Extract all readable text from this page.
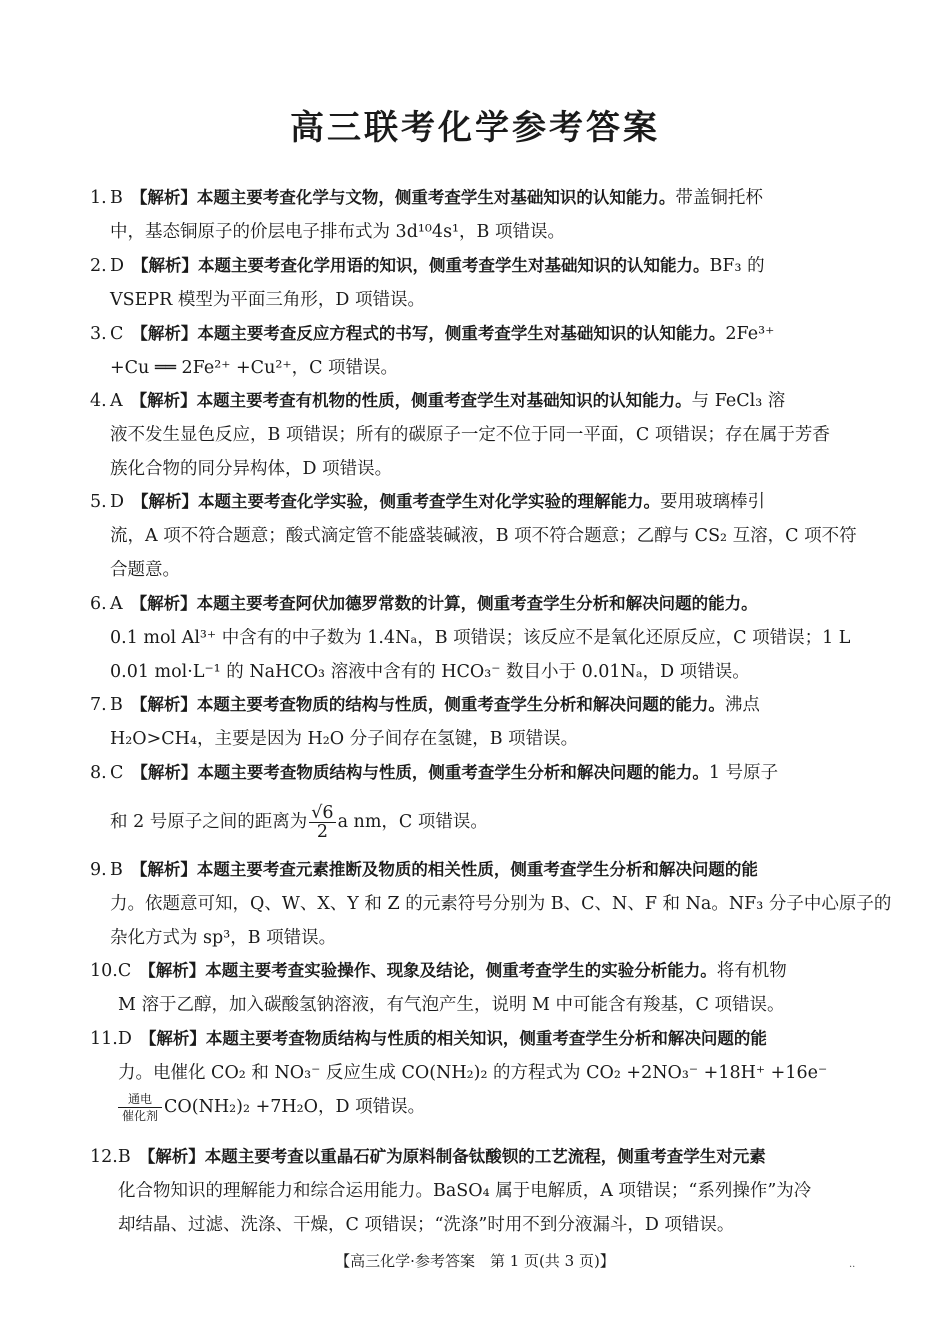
高三联考化学参考答案
1. B 【解析】本题主要考查化学与文物，侧重考查学生对基础知识的认知能力。带盖铜托杯
中，基态铜原子的价层电子排布式为 3d¹⁰4s¹，B 项错误。
2. D 【解析】本题主要考查化学用语的知识，侧重考查学生对基础知识的认知能力。BF₃ 的
VSEPR 模型为平面三角形，D 项错误。
3. C 【解析】本题主要考查反应方程式的书写，侧重考查学生对基础知识的认知能力。2Fe³⁺
+Cu ══ 2Fe²⁺ +Cu²⁺，C 项错误。
4. A 【解析】本题主要考查有机物的性质，侧重考查学生对基础知识的认知能力。与 FeCl₃ 溶
液不发生显色反应，B 项错误；所有的碳原子一定不位于同一平面，C 项错误；存在属于芳香
族化合物的同分异构体，D 项错误。
5. D 【解析】本题主要考查化学实验，侧重考查学生对化学实验的理解能力。要用玻璃棒引
流，A 项不符合题意；酸式滴定管不能盛装碱液，B 项不符合题意；乙醇与 CS₂ 互溶，C 项不符
合题意。
6. A 【解析】本题主要考查阿伏加德罗常数的计算，侧重考查学生分析和解决问题的能力。
0.1 mol Al³⁺ 中含有的中子数为 1.4Nₐ，B 项错误；该反应不是氧化还原反应，C 项错误；1 L
0.01 mol·L⁻¹ 的 NaHCO₃ 溶液中含有的 HCO₃⁻ 数目小于 0.01Nₐ，D 项错误。
7. B 【解析】本题主要考查物质的结构与性质，侧重考查学生分析和解决问题的能力。沸点
H₂O>CH₄，主要是因为 H₂O 分子间存在氢键，B 项错误。
8. C 【解析】本题主要考查物质结构与性质，侧重考查学生分析和解决问题的能力。1 号原子
和 2 号原子之间的距离为 $\frac{√6}{2}$ a nm，C 项错误。
9. B 【解析】本题主要考查元素推断及物质的相关性质，侧重考查学生分析和解决问题的能
力。依题意可知，Q、W、X、Y 和 Z 的元素符号分别为 B、C、N、F 和 Na。NF₃ 分子中心原子的
杂化方式为 sp³，B 项错误。
10.C 【解析】本题主要考查实验操作、现象及结论，侧重考查学生的实验分析能力。将有机物
M 溶于乙醇，加入碳酸氢钠溶液，有气泡产生，说明 M 中可能含有羧基，C 项错误。
11.D 【解析】本题主要考查物质结构与性质的相关知识，侧重考查学生分析和解决问题的能
力。电催化 CO₂ 和 NO₃⁻ 反应生成 CO(NH₂)₂ 的方程式为 CO₂ +2NO₃⁻ +18H⁺ +16e⁻
通电
催化剂 CO(NH₂)₂ +7H₂O，D 项错误。
12.B 【解析】本题主要考查以重晶石矿为原料制备钛酸钡的工艺流程，侧重考查学生对元素
化合物知识的理解能力和综合运用能力。BaSO₄ 属于电解质，A 项错误；“系列操作”为冷
却结晶、过滤、洗涤、干燥，C 项错误；“洗涤”时用不到分液漏斗，D 项错误。
【高三化学·参考答案　第 1 页(共 3 页)】	··
